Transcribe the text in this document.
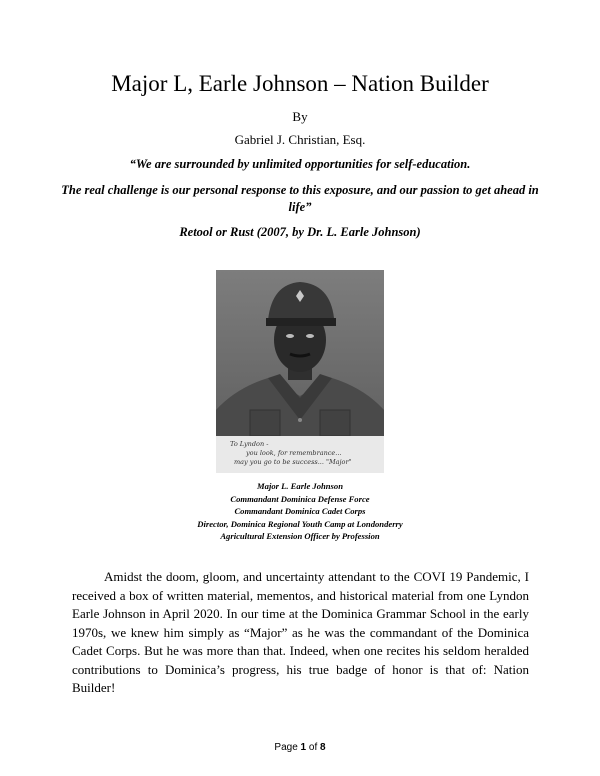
Major L, Earle Johnson – Nation Builder
By
Gabriel J. Christian, Esq.
“We are surrounded by unlimited opportunities for self-education.
The real challenge is our personal response to this exposure, and our passion to get ahead in life”
Retool or Rust (2007, by Dr. L. Earle Johnson)
To Lyndon -
you look, for remembrance...
may you go to be success... "Major"
Major L. Earle Johnson
Commandant Dominica Defense Force
Commandant Dominica Cadet Corps
Director, Dominica Regional Youth Camp at Londonderry
Agricultural Extension Officer by Profession
Amidst the doom, gloom, and uncertainty attendant to the COVI 19 Pandemic, I received a box of written material, mementos, and historical material from one Lyndon Earle Johnson in April 2020. In our time at the Dominica Grammar School in the early 1970s, we knew him simply as “Major” as he was the commandant of the Dominica Cadet Corps. But he was more than that. Indeed, when one recites his seldom heralded contributions to Dominica’s progress, his true badge of honor is that of: Nation Builder!
Page 1 of 8
